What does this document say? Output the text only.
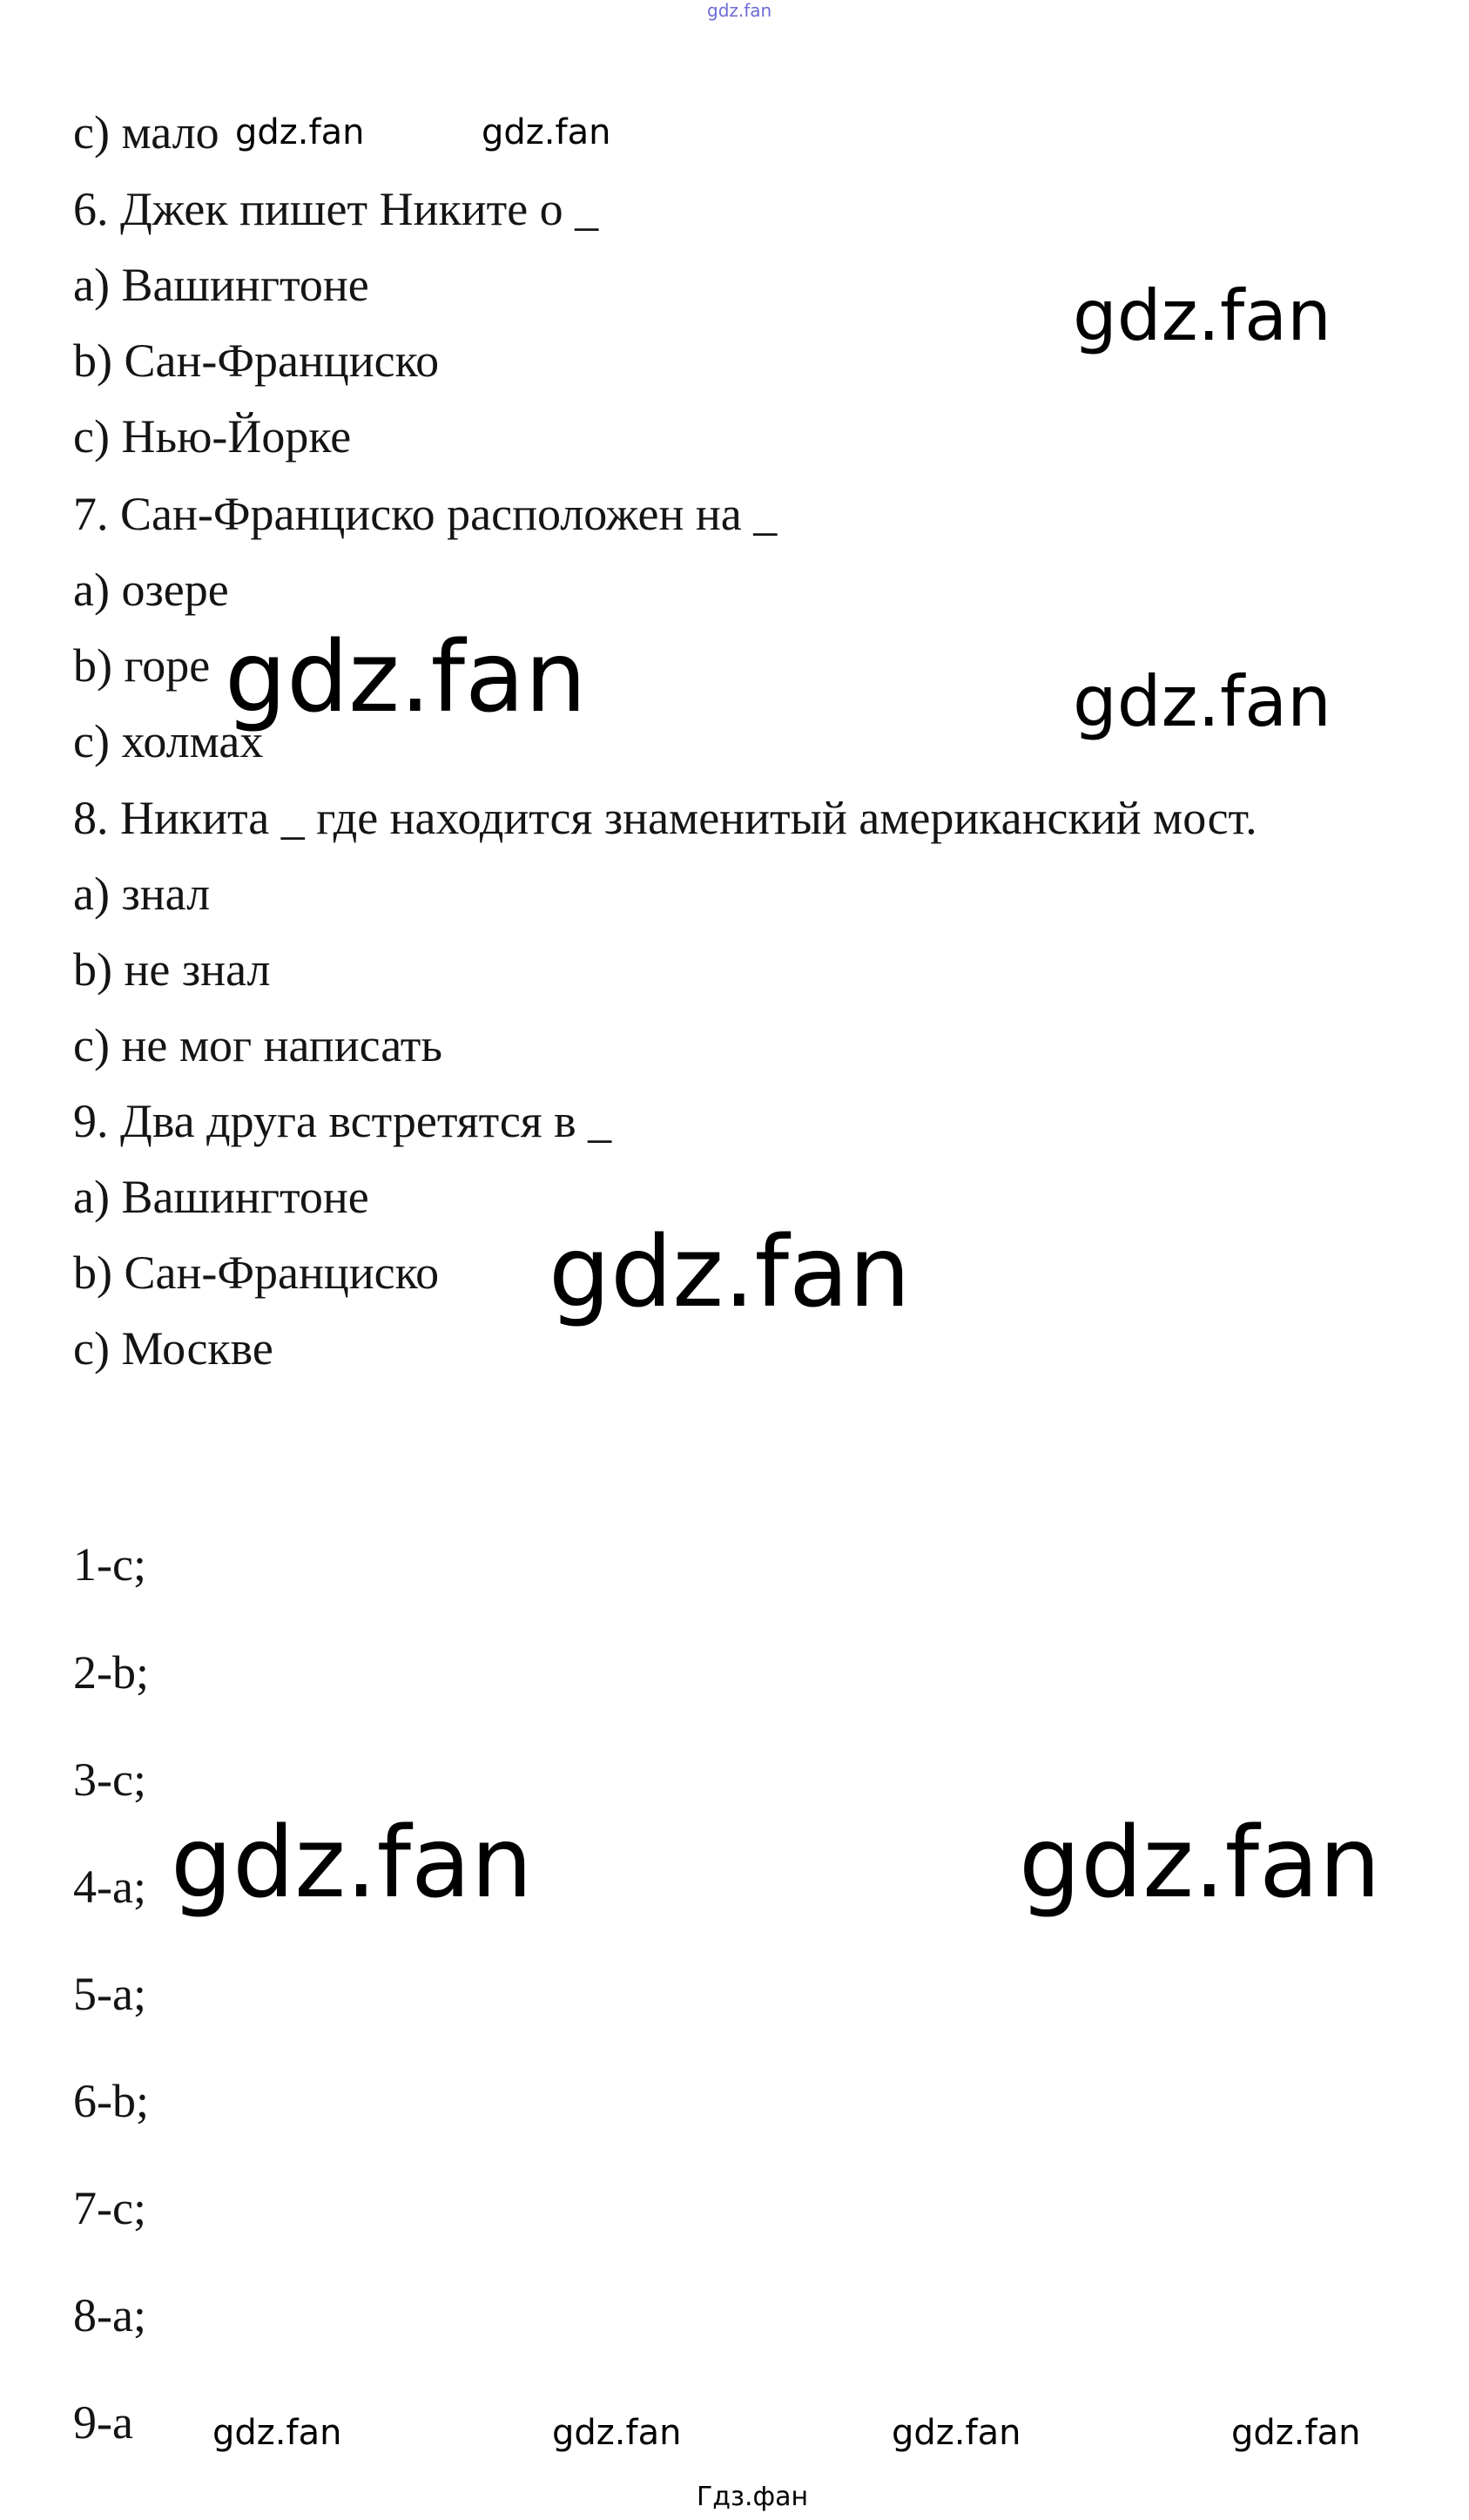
gdz.fan
c) мало
6. Джек пишет Никите о _
a) Вашингтоне
b) Сан-Франциско
c) Нью-Йорке
7. Сан-Франциско расположен на _
a) озере
b) горе
c) холмах
8. Никита _ где находится знаменитый американский мост.
a) знал
b) не знал
c) не мог написать
9. Два друга встретятся в _
a) Вашингтоне
b) Сан-Франциско
c) Москве
1-c;
2-b;
3-c;
4-a;
5-a;
6-b;
7-c;
8-a;
9-a
gdz.fan	gdz.fan
gdz.fan
gdz.fan	gdz.fan
gdz.fan
gdz.fan	gdz.fan
gdz.fan	gdz.fan	gdz.fan	gdz.fan
Гдз.фан
